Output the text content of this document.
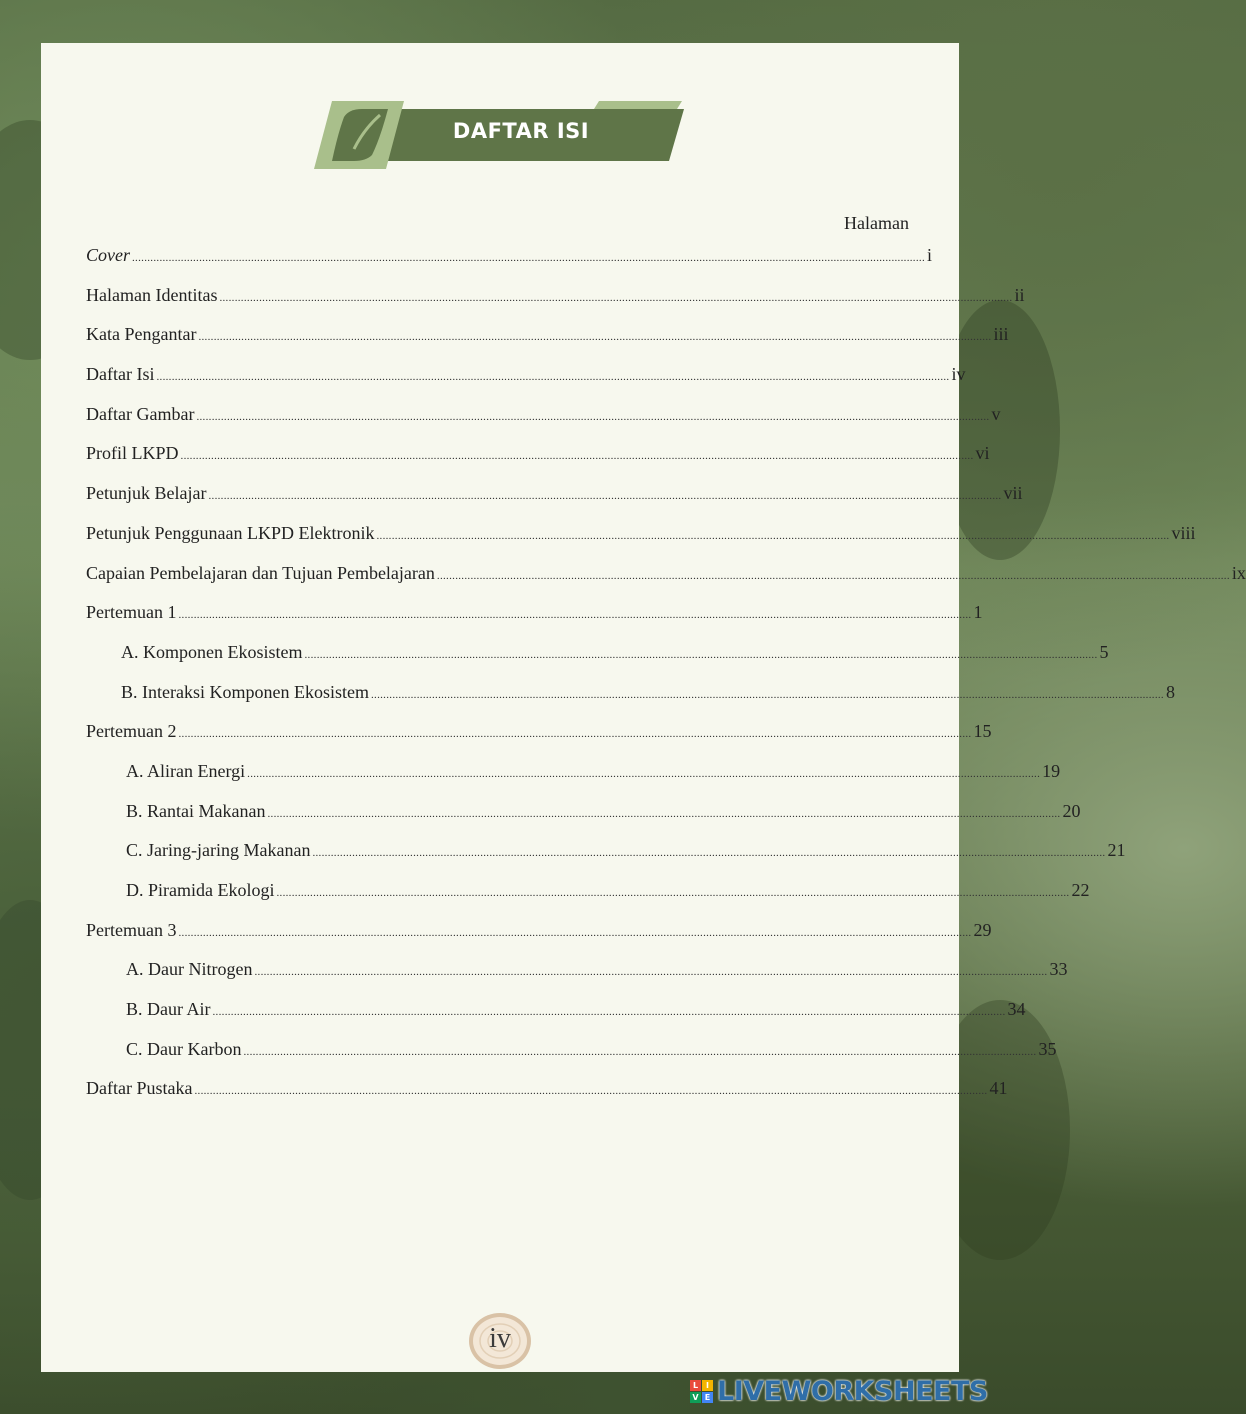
DAFTAR ISI
Halaman
Cover .................................................................................................................................................................................................................................................................... i
Halaman Identitas .................................................................................................................................................................................................................................................................... ii
Kata Pengantar .................................................................................................................................................................................................................................................................... iii
Daftar Isi .................................................................................................................................................................................................................................................................... iv
Daftar Gambar .................................................................................................................................................................................................................................................................... v
Profil LKPD .................................................................................................................................................................................................................................................................... vi
Petunjuk Belajar .................................................................................................................................................................................................................................................................... vii
Petunjuk Penggunaan LKPD Elektronik .................................................................................................................................................................................................................................................................... viii
Capaian Pembelajaran dan Tujuan Pembelajaran .................................................................................................................................................................................................................................................................... ix
Pertemuan 1 .................................................................................................................................................................................................................................................................... 1
A. Komponen Ekosistem .................................................................................................................................................................................................................................................................... 5
B. Interaksi Komponen Ekosistem .................................................................................................................................................................................................................................................................... 8
Pertemuan 2 .................................................................................................................................................................................................................................................................... 15
A. Aliran Energi .................................................................................................................................................................................................................................................................... 19
B. Rantai Makanan .................................................................................................................................................................................................................................................................... 20
C. Jaring-jaring Makanan .................................................................................................................................................................................................................................................................... 21
D. Piramida Ekologi .................................................................................................................................................................................................................................................................... 22
Pertemuan 3 .................................................................................................................................................................................................................................................................... 29
A. Daur Nitrogen .................................................................................................................................................................................................................................................................... 33
B. Daur Air .................................................................................................................................................................................................................................................................... 34
C. Daur Karbon .................................................................................................................................................................................................................................................................... 35
Daftar Pustaka .................................................................................................................................................................................................................................................................... 41
iv
L I
V E LIVEWORKSHEETS
